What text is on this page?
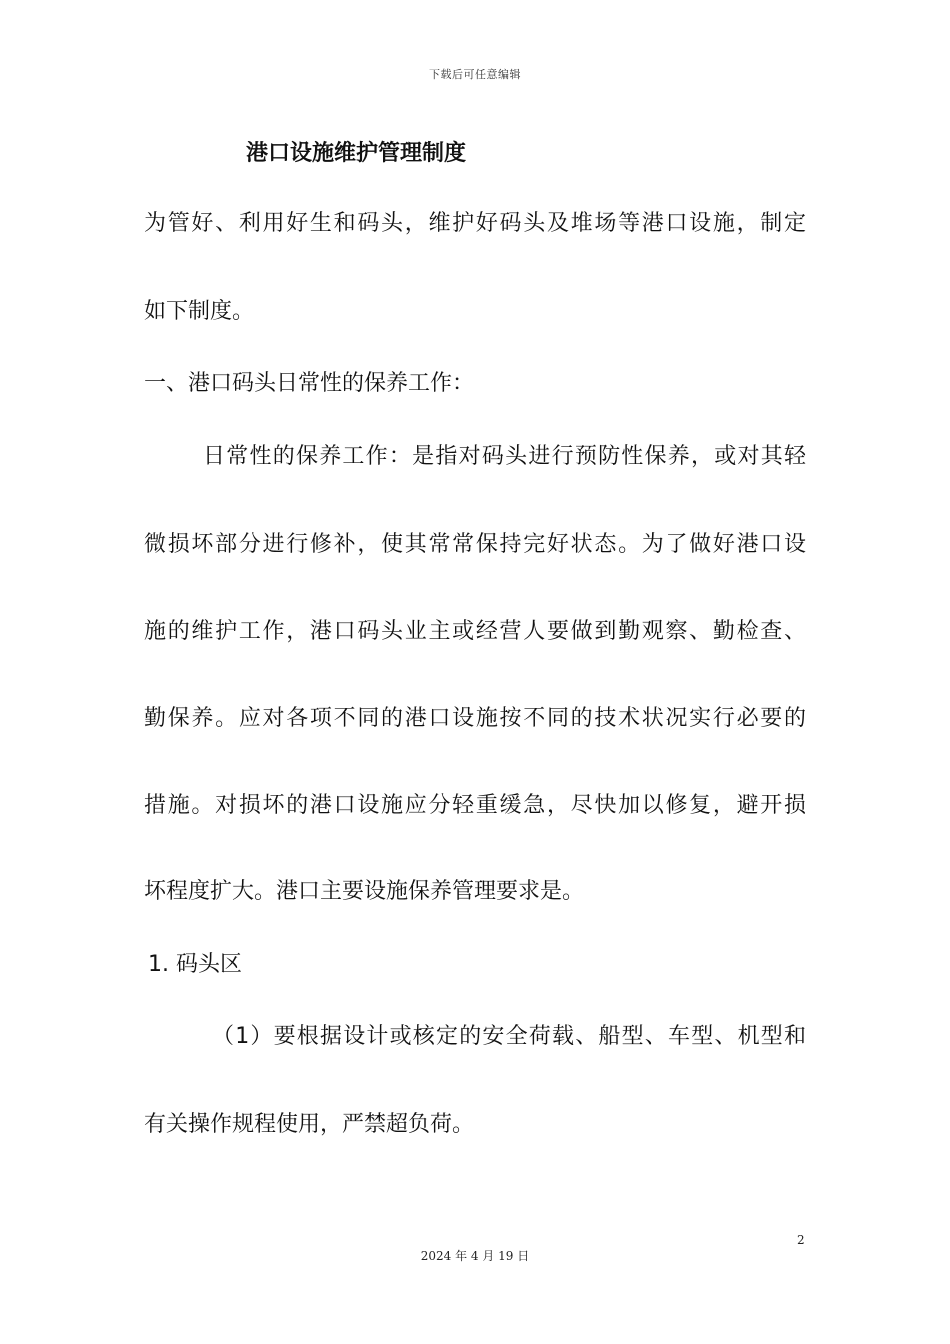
下载后可任意编辑
港口设施维护管理制度
为管好、利用好生和码头，维护好码头及堆场等港口设施，制定
如下制度。
一、港口码头日常性的保养工作：
日常性的保养工作：是指对码头进行预防性保养，或对其轻
微损坏部分进行修补，使其常常保持完好状态。为了做好港口设
施的维护工作，港口码头业主或经营人要做到勤观察、勤检查、
勤保养。应对各项不同的港口设施按不同的技术状况实行必要的
措施。对损坏的港口设施应分轻重缓急，尽快加以修复，避开损
坏程度扩大。港口主要设施保养管理要求是。
1. 码头区
（1）要根据设计或核定的安全荷载、船型、车型、机型和
有关操作规程使用，严禁超负荷。
2
2024 年 4 月 19 日
